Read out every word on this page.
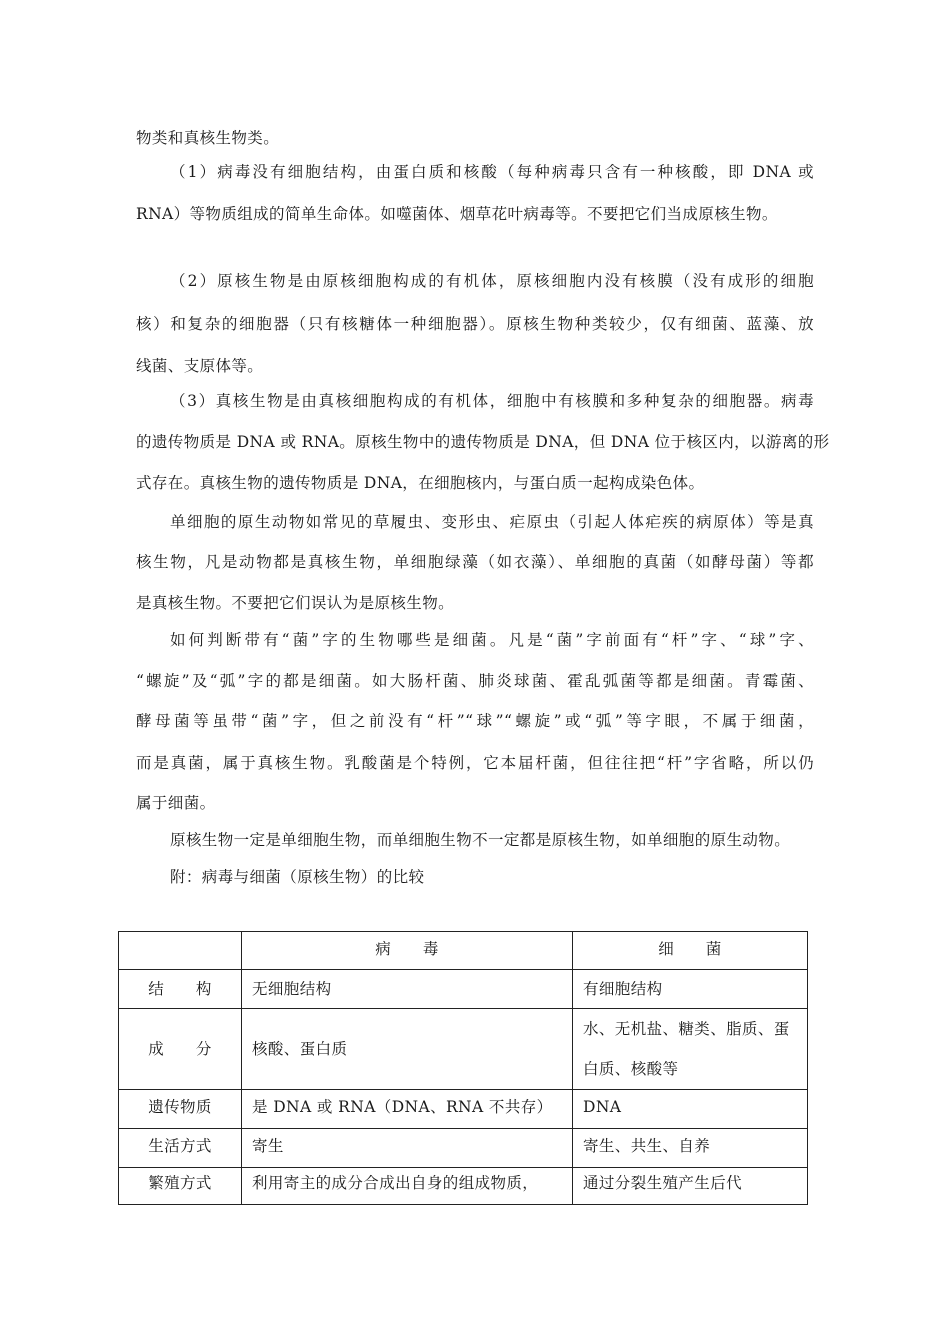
物类和真核生物类。
（1）病毒没有细胞结构，由蛋白质和核酸（每种病毒只含有一种核酸，即 DNA 或
RNA）等物质组成的简单生命体。如噬菌体、烟草花叶病毒等。不要把它们当成原核生物。
（2）原核生物是由原核细胞构成的有机体，原核细胞内没有核膜（没有成形的细胞
核）和复杂的细胞器（只有核糖体一种细胞器）。原核生物种类较少，仅有细菌、蓝藻、放
线菌、支原体等。
（3）真核生物是由真核细胞构成的有机体，细胞中有核膜和多种复杂的细胞器。病毒
的遗传物质是 DNA 或 RNA。原核生物中的遗传物质是 DNA，但 DNA 位于核区内，以游离的形
式存在。真核生物的遗传物质是 DNA，在细胞核内，与蛋白质一起构成染色体。
单细胞的原生动物如常见的草履虫、变形虫、疟原虫（引起人体疟疾的病原体）等是真
核生物，凡是动物都是真核生物，单细胞绿藻（如衣藻）、单细胞的真菌（如酵母菌）等都
是真核生物。不要把它们误认为是原核生物。
如何判断带有“菌”字的生物哪些是细菌。凡是“菌”字前面有“杆”字、“球”字、
“螺旋”及“弧”字的都是细菌。如大肠杆菌、肺炎球菌、霍乱弧菌等都是细菌。青霉菌、
酵母菌等虽带“菌”字，但之前没有“杆”“球”“螺旋”或“弧”等字眼，不属于细菌，
而是真菌，属于真核生物。乳酸菌是个特例，它本届杆菌，但往往把“杆”字省略，所以仍
属于细菌。
原核生物一定是单细胞生物，而单细胞生物不一定都是原核生物，如单细胞的原生动物。
附：病毒与细菌（原核生物）的比较
	病　　毒	细　　菌
结　　构	无细胞结构	有细胞结构
成　　分	核酸、蛋白质	水、无机盐、糖类、脂质、蛋白质、核酸等
遗传物质	是 DNA 或 RNA（DNA、RNA 不共存）	DNA
生活方式	寄生	寄生、共生、自养
繁殖方式	利用寄主的成分合成出自身的组成物质，	通过分裂生殖产生后代
